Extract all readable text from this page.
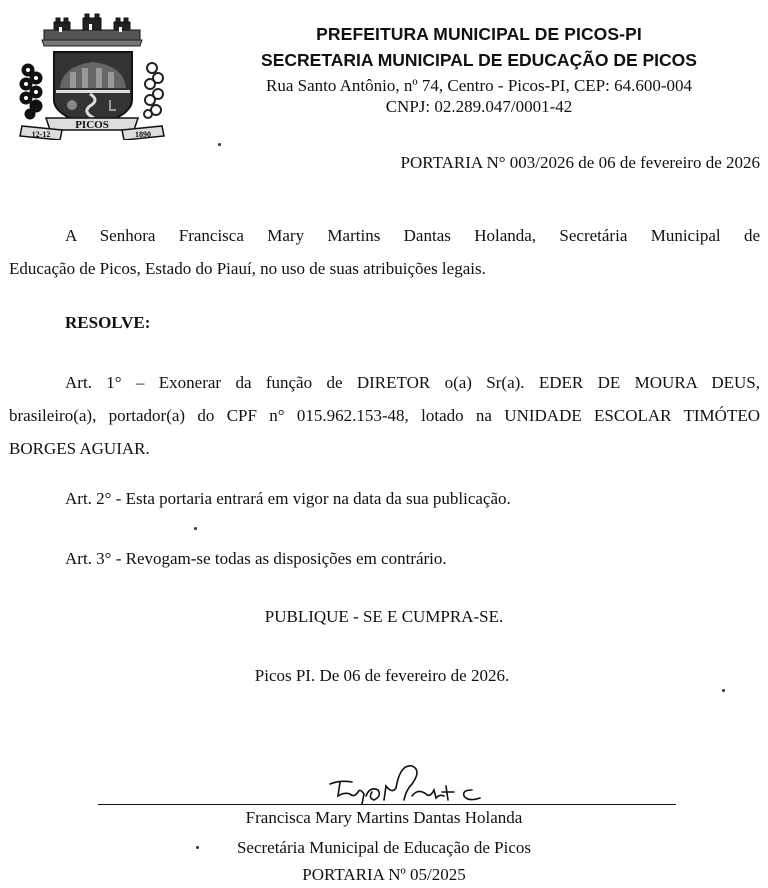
PICOS
12-12	1890
PREFEITURA MUNICIPAL DE PICOS-PI
SECRETARIA MUNICIPAL DE EDUCAÇÃO DE PICOS
Rua Santo Antônio, nº 74, Centro - Picos-PI, CEP: 64.600-004
CNPJ: 02.289.047/0001-42
PORTARIA N° 003/2026 de 06 de fevereiro de 2026
A Senhora Francisca Mary Martins Dantas Holanda, Secretária Municipal de
Educação de Picos, Estado do Piauí, no uso de suas atribuições legais.
RESOLVE:
Art. 1° – Exonerar da função de DIRETOR o(a) Sr(a). EDER DE MOURA DEUS,
brasileiro(a), portador(a) do CPF n° 015.962.153-48, lotado na UNIDADE ESCOLAR TIMÓTEO
BORGES AGUIAR.
Art. 2° - Esta portaria entrará em vigor na data da sua publicação.
Art. 3° - Revogam-se todas as disposições em contrário.
PUBLIQUE - SE E CUMPRA-SE.
Picos PI. De 06 de fevereiro de 2026.
Francisca Mary Martins Dantas Holanda
Secretária Municipal de Educação de Picos
PORTARIA Nº 05/2025
